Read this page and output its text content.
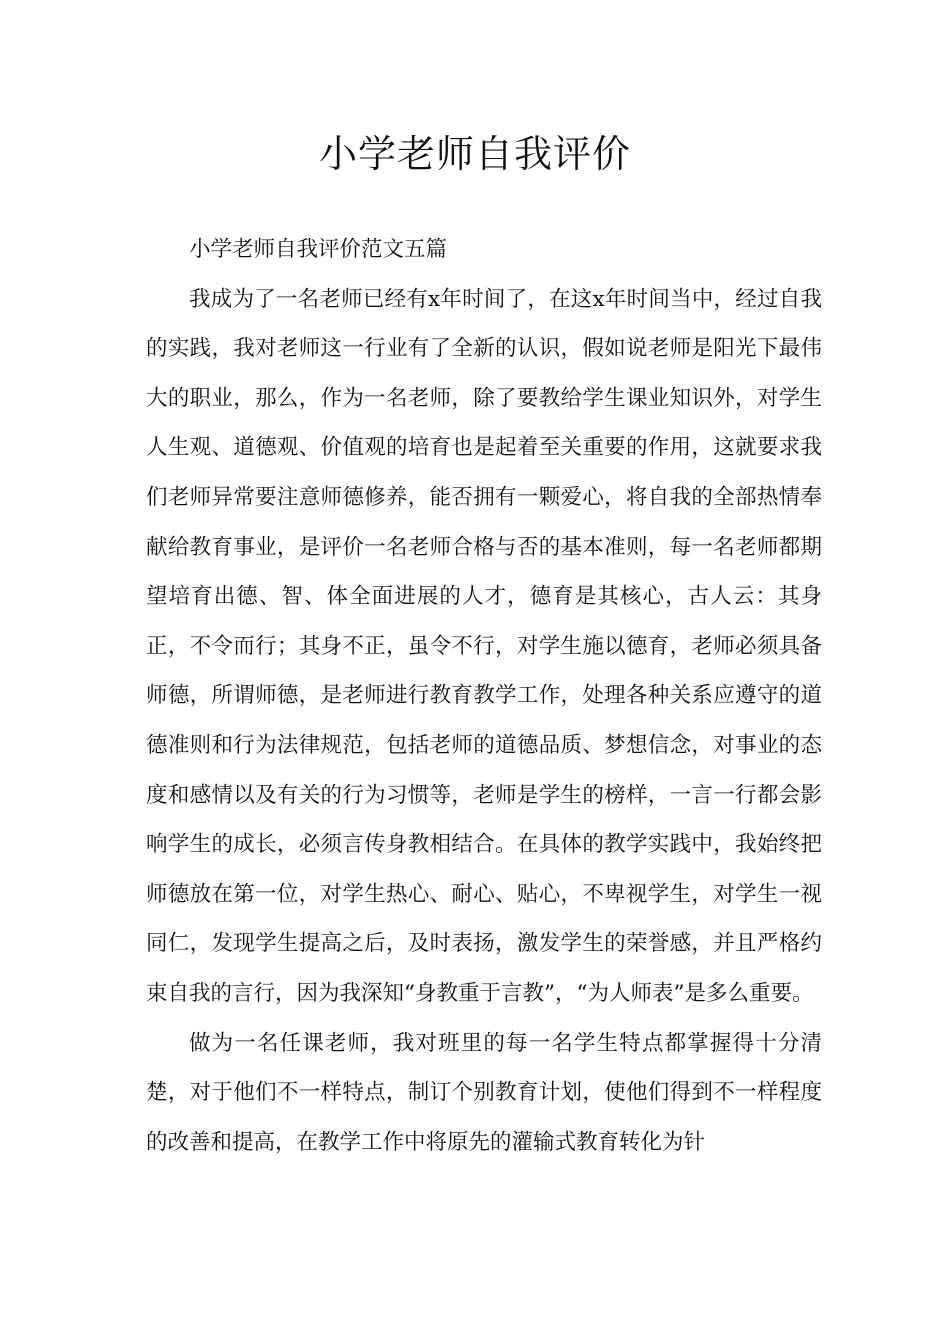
小学老师自我评价

小学老师自我评价范文五篇

我成为了一名老师已经有x年时间了，在这x年时间当中，经过自我的实践，我对老师这一行业有了全新的认识，假如说老师是阳光下最伟大的职业，那么，作为一名老师，除了要教给学生课业知识外，对学生人生观、道德观、价值观的培育也是起着至关重要的作用，这就要求我们老师异常要注意师德修养，能否拥有一颗爱心，将自我的全部热情奉献给教育事业，是评价一名老师合格与否的基本准则，每一名老师都期望培育出德、智、体全面进展的人才，德育是其核心，古人云：其身正，不令而行；其身不正，虽令不行，对学生施以德育，老师必须具备师德，所谓师德，是老师进行教育教学工作，处理各种关系应遵守的道德准则和行为法律规范，包括老师的道德品质、梦想信念，对事业的态度和感情以及有关的行为习惯等，老师是学生的榜样，一言一行都会影响学生的成长，必须言传身教相结合。在具体的教学实践中，我始终把师德放在第一位，对学生热心、耐心、贴心，不卑视学生，对学生一视同仁，发现学生提高之后，及时表扬，激发学生的荣誉感，并且严格约束自我的言行，因为我深知“身教重于言教”，“为人师表”是多么重要。

做为一名任课老师，我对班里的每一名学生特点都掌握得十分清楚，对于他们不一样特点，制订个别教育计划，使他们得到不一样程度的改善和提高，在教学工作中将原先的灌输式教育转化为针
